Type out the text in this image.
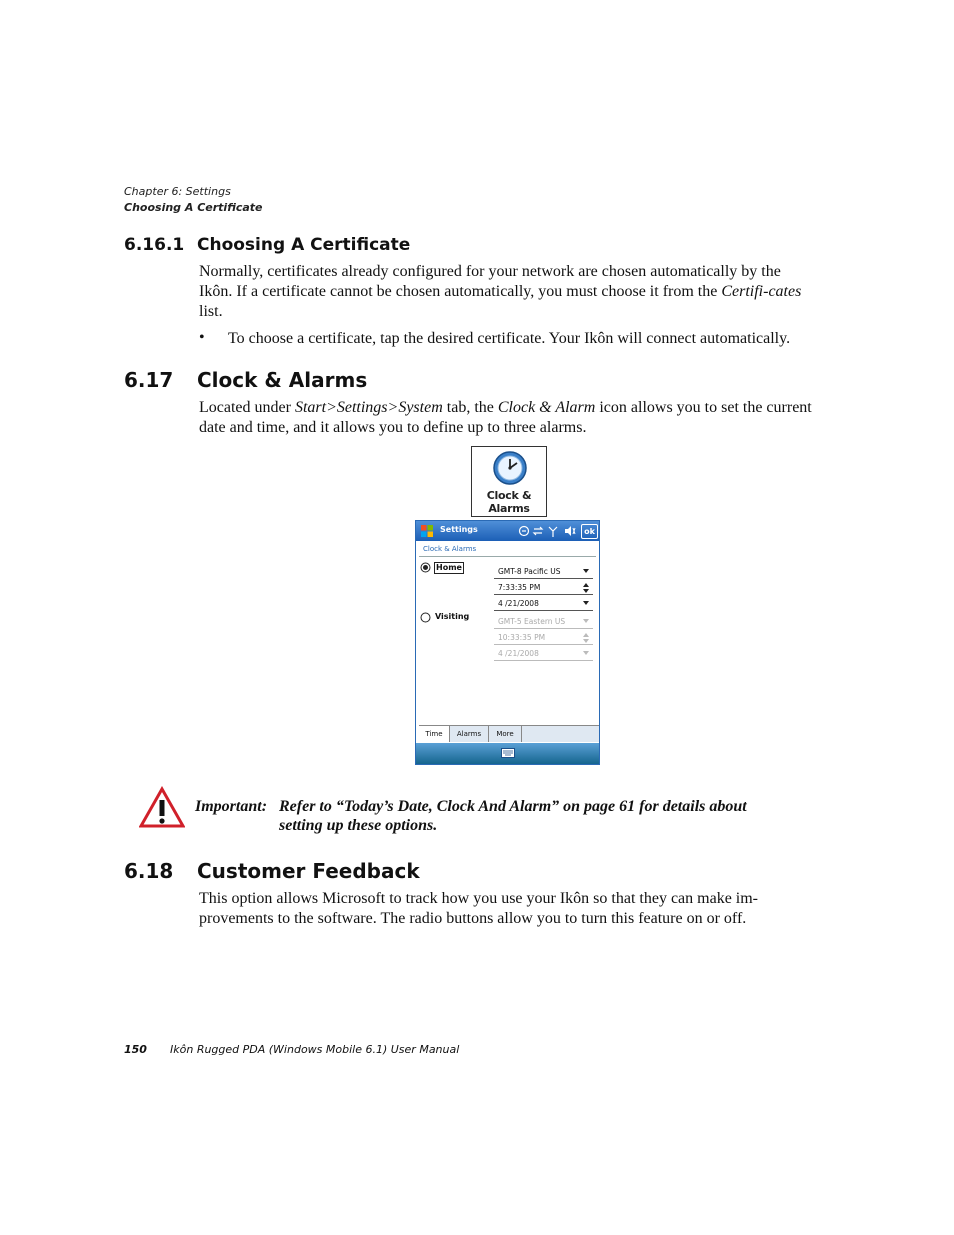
Chapter 6: Settings
Choosing A Certificate
6.16.1 Choosing A Certificate
Normally, certificates already configured for your network are chosen automatically by the Ikôn. If a certificate cannot be chosen automatically, you must choose it from the Certifi-cates list.
• To choose a certificate, tap the desired certificate. Your Ikôn will connect automatically.
6.17 Clock & Alarms
Located under Start>Settings>System tab, the Clock & Alarm icon allows you to set the current date and time, and it allows you to define up to three alarms.
Clock &
Alarms
Settings	ok
Clock & Alarms
Home	GMT-8 Pacific US
7:33:35 PM
4 /21/2008
Visiting
GMT-5 Eastern US
10:33:35 PM
4 /21/2008
Time	Alarms	More
Important: Refer to “Today’s Date, Clock And Alarm” on page 61 for details about
setting up these options.
6.18 Customer Feedback
This option allows Microsoft to track how you use your Ikôn so that they can make im-provements to the software. The radio buttons allow you to turn this feature on or off.
150 Ikôn Rugged PDA (Windows Mobile 6.1) User Manual
